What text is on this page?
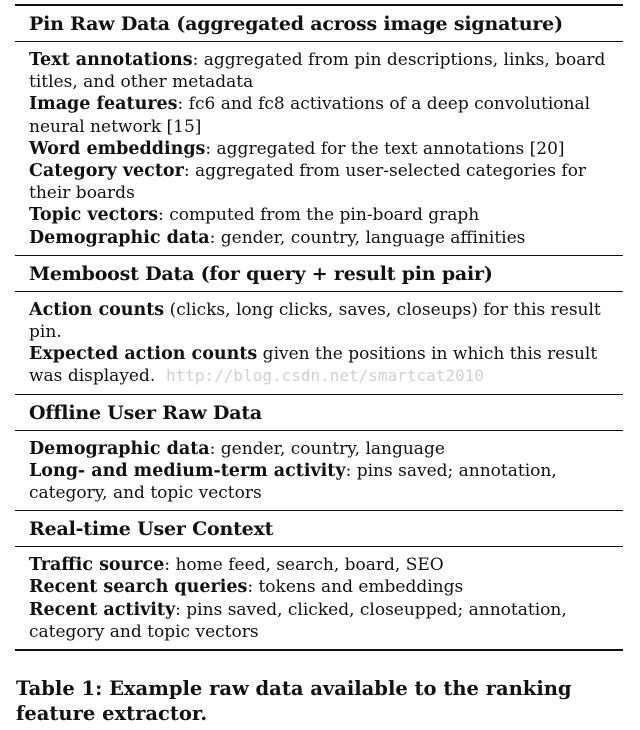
Pin Raw Data (aggregated across image signature)

Text annotations: aggregated from pin descriptions, links, board titles, and other metadata

Image features: fc6 and fc8 activations of a deep convolutional neural network [15]

Word embeddings: aggregated for the text annotations [20]

Category vector: aggregated from user-selected categories for their boards

Topic vectors: computed from the pin-board graph

Demographic data: gender, country, language affinities

Memboost Data (for query + result pin pair)

Action counts (clicks, long clicks, saves, closeups) for this result pin.

Expected action counts given the positions in which this result was displayed.

Offline User Raw Data

Demographic data: gender, country, language

Long- and medium-term activity: pins saved; annotation, category, and topic vectors

Real-time User Context

Traffic source: home feed, search, board, SEO

Recent search queries: tokens and embeddings

Recent activity: pins saved, clicked, closeupped; annotation, category and topic vectors

http://blog.csdn.net/smartcat2010
Table 1: Example raw data available to the ranking feature extractor.
